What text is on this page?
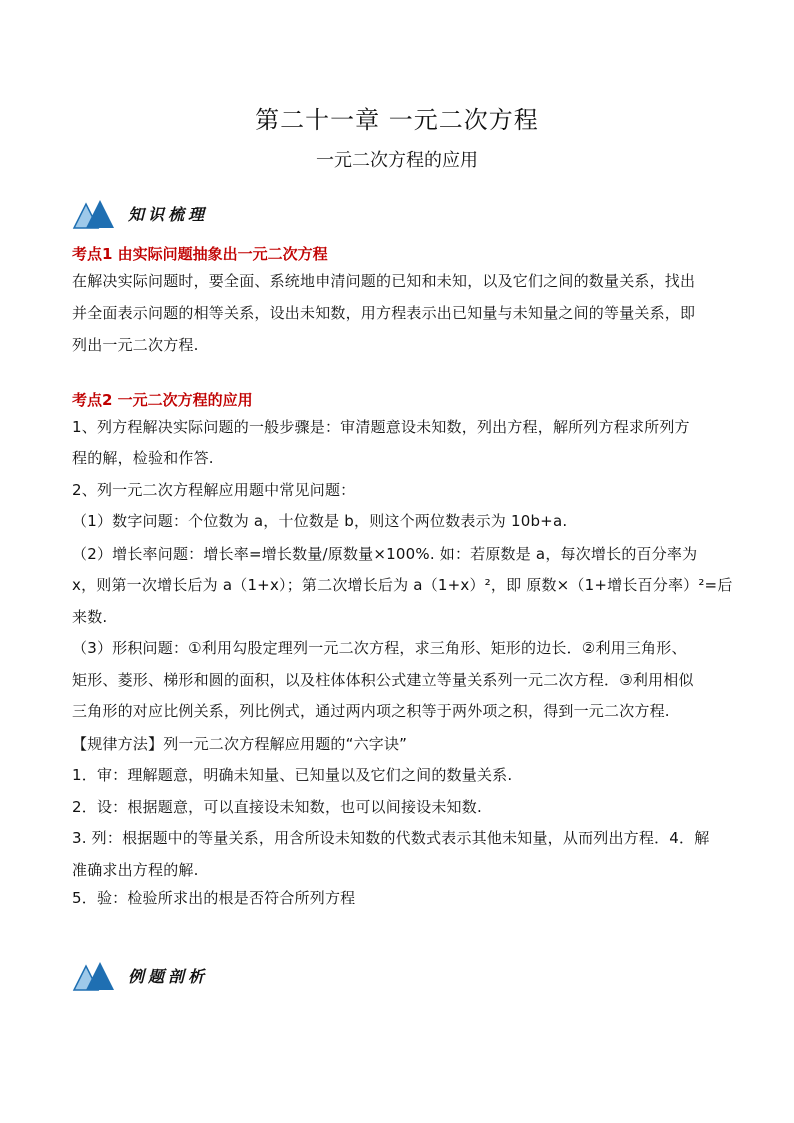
第二十一章 一元二次方程
一元二次方程的应用
知识梳理
考点1 由实际问题抽象出一元二次方程
在解决实际问题时，要全面、系统地申清问题的已知和未知，以及它们之间的数量关系，找出
并全面表示问题的相等关系，设出未知数，用方程表示出已知量与未知量之间的等量关系，即
列出一元二次方程.
考点2 一元二次方程的应用
1、列方程解决实际问题的一般步骤是：审清题意设未知数，列出方程，解所列方程求所列方
程的解，检验和作答.
2、列一元二次方程解应用题中常见问题：
（1）数字问题：个位数为 a，十位数是 b，则这个两位数表示为 10b+a.
（2）增长率问题：增长率=增长数量/原数量×100%. 如：若原数是 a，每次增长的百分率为
x，则第一次增长后为 a（1+x）；第二次增长后为 a（1+x）²，即 原数×（1+增长百分率）²=后
来数.
（3）形积问题：①利用勾股定理列一元二次方程，求三角形、矩形的边长．②利用三角形、
矩形、菱形、梯形和圆的面积，以及柱体体积公式建立等量关系列一元二次方程．③利用相似
三角形的对应比例关系，列比例式，通过两内项之积等于两外项之积，得到一元二次方程.
【规律方法】列一元二次方程解应用题的“六字诀”
1．审：理解题意，明确未知量、已知量以及它们之间的数量关系.
2．设：根据题意，可以直接设未知数，也可以间接设未知数.
3. 列：根据题中的等量关系，用含所设未知数的代数式表示其他未知量，从而列出方程．4．解
准确求出方程的解.
5．验：检验所求出的根是否符合所列方程
例题剖析
